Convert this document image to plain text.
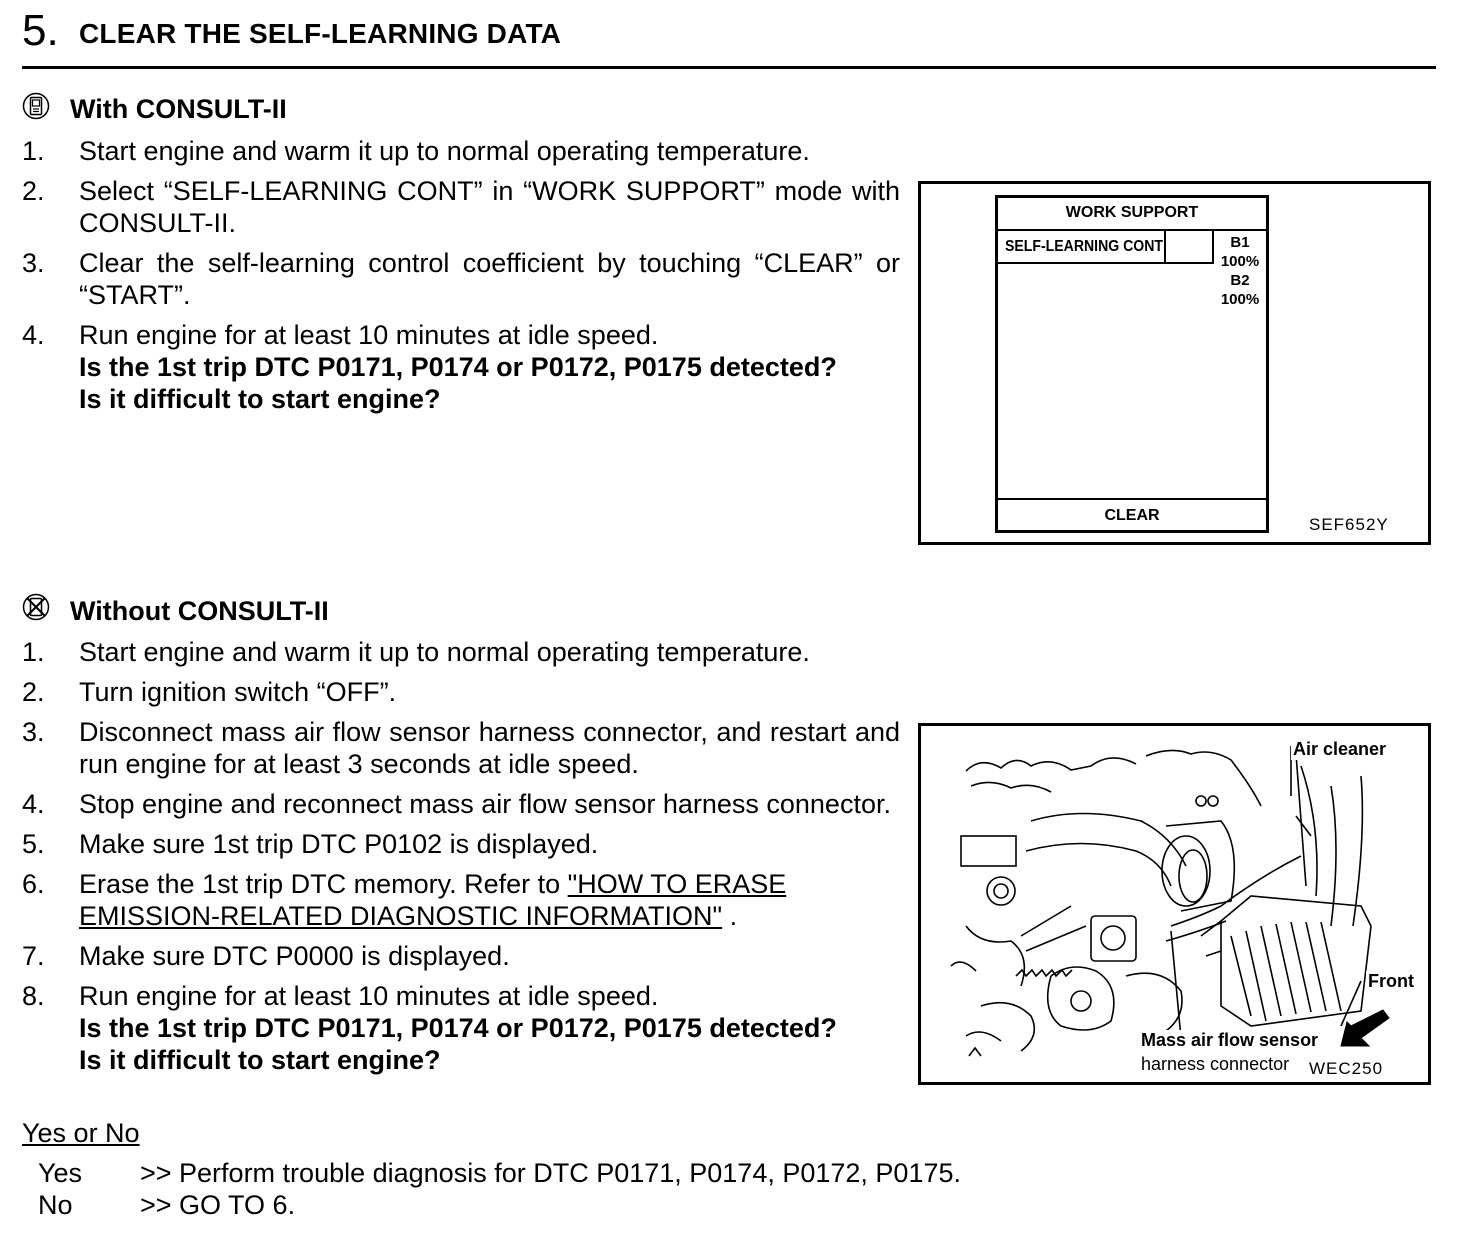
5. CLEAR THE SELF-LEARNING DATA
With CONSULT-II
1. Start engine and warm it up to normal operating temperature.
2. Select “SELF-LEARNING CONT” in “WORK SUPPORT” mode with CONSULT-II.
3. Clear the self-learning control coefficient by touching “CLEAR” or “START”.
4. Run engine for at least 10 minutes at idle speed.
Is the 1st trip DTC P0171, P0174 or P0172, P0175 detected?
Is it difficult to start engine?
WORK SUPPORT
SELF-LEARNING CONT	B1
100%
B2
100%
CLEAR	SEF652Y
Without CONSULT-II
1. Start engine and warm it up to normal operating temperature.
2. Turn ignition switch “OFF”.
3. Disconnect mass air flow sensor harness connector, and restart and run engine for at least 3 seconds at idle speed.
4. Stop engine and reconnect mass air flow sensor harness connector.
5. Make sure 1st trip DTC P0102 is displayed.
6. Erase the 1st trip DTC memory. Refer to "HOW TO ERASE EMISSION-RELATED DIAGNOSTIC INFORMATION" .
7. Make sure DTC P0000 is displayed.
8. Run engine for at least 10 minutes at idle speed.
Is the 1st trip DTC P0171, P0174 or P0172, P0175 detected?
Is it difficult to start engine?
Air cleaner
Front
Mass air flow sensor
harness connector WEC250
Yes or No
Yes >> Perform trouble diagnosis for DTC P0171, P0174, P0172, P0175.
No >> GO TO 6.
